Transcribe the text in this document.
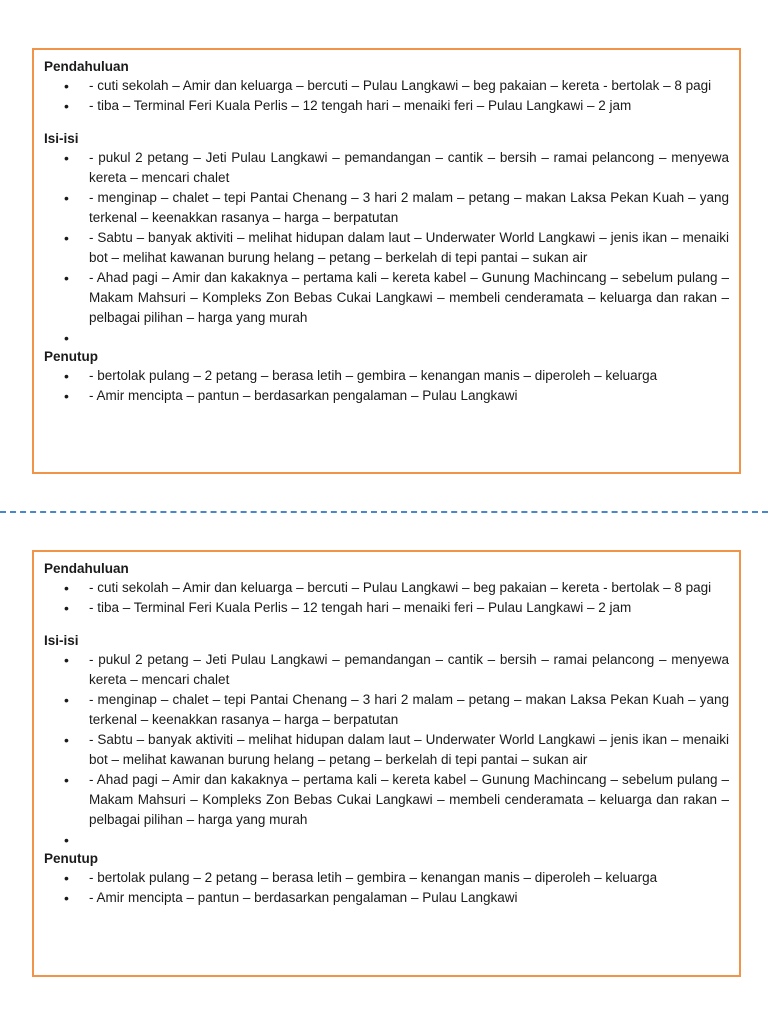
Pendahuluan
• - cuti sekolah – Amir dan keluarga – bercuti – Pulau Langkawi – beg pakaian – kereta - bertolak – 8 pagi
• - tiba – Terminal Feri Kuala Perlis – 12 tengah hari – menaiki feri – Pulau Langkawi – 2 jam
Isi-isi
• - pukul 2 petang – Jeti Pulau Langkawi – pemandangan – cantik – bersih – ramai pelancong – menyewa kereta – mencari chalet
• - menginap – chalet – tepi Pantai Chenang – 3 hari 2 malam – petang – makan Laksa Pekan Kuah – yang terkenal – keenakkan rasanya – harga – berpatutan
• - Sabtu – banyak aktiviti – melihat hidupan dalam laut – Underwater World Langkawi – jenis ikan – menaiki bot – melihat kawanan burung helang – petang – berkelah di tepi pantai – sukan air
• - Ahad pagi – Amir dan kakaknya – pertama kali – kereta kabel – Gunung Machincang – sebelum pulang – Makam Mahsuri – Kompleks Zon Bebas Cukai Langkawi – membeli cenderamata – keluarga dan rakan – pelbagai pilihan – harga yang murah
•
Penutup
• - bertolak pulang – 2 petang – berasa letih – gembira – kenangan manis – diperoleh – keluarga
• - Amir mencipta – pantun – berdasarkan pengalaman – Pulau Langkawi
Pendahuluan
• - cuti sekolah – Amir dan keluarga – bercuti – Pulau Langkawi – beg pakaian – kereta - bertolak – 8 pagi
• - tiba – Terminal Feri Kuala Perlis – 12 tengah hari – menaiki feri – Pulau Langkawi – 2 jam
Isi-isi
• - pukul 2 petang – Jeti Pulau Langkawi – pemandangan – cantik – bersih – ramai pelancong – menyewa kereta – mencari chalet
• - menginap – chalet – tepi Pantai Chenang – 3 hari 2 malam – petang – makan Laksa Pekan Kuah – yang terkenal – keenakkan rasanya – harga – berpatutan
• - Sabtu – banyak aktiviti – melihat hidupan dalam laut – Underwater World Langkawi – jenis ikan – menaiki bot – melihat kawanan burung helang – petang – berkelah di tepi pantai – sukan air
• - Ahad pagi – Amir dan kakaknya – pertama kali – kereta kabel – Gunung Machincang – sebelum pulang – Makam Mahsuri – Kompleks Zon Bebas Cukai Langkawi – membeli cenderamata – keluarga dan rakan – pelbagai pilihan – harga yang murah
•
Penutup
• - bertolak pulang – 2 petang – berasa letih – gembira – kenangan manis – diperoleh – keluarga
• - Amir mencipta – pantun – berdasarkan pengalaman – Pulau Langkawi
